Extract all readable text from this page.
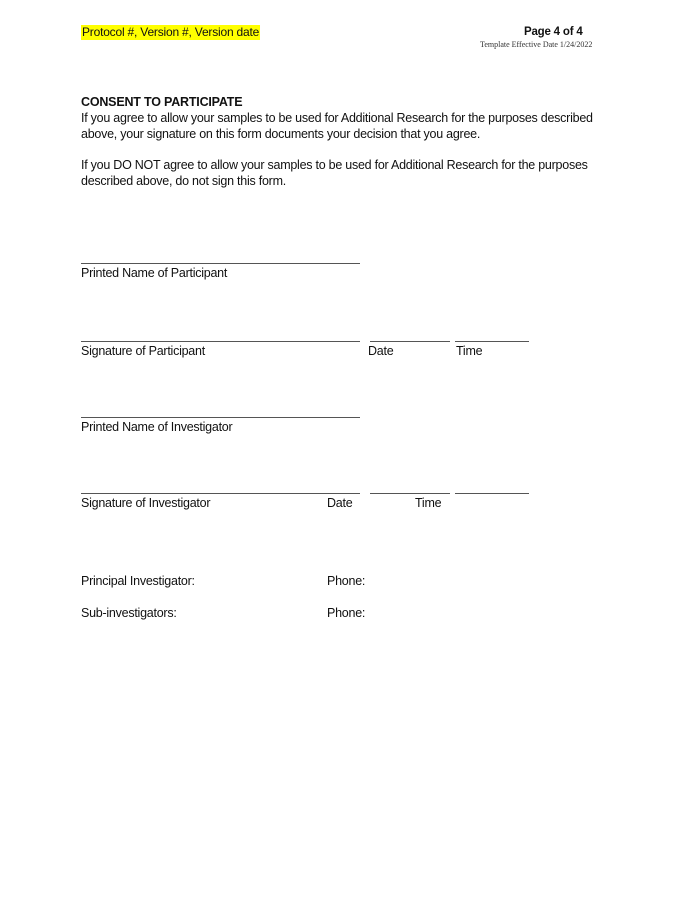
Protocol #, Version #, Version date	Page 4 of 4
Template Effective Date 1/24/2022
CONSENT TO PARTICIPATE
If you agree to allow your samples to be used for Additional Research for the purposes described above, your signature on this form documents your decision that you agree.
If you DO NOT agree to allow your samples to be used for Additional Research for the purposes described above, do not sign this form.
Printed Name of Participant
Signature of Participant	Date	Time
Printed Name of Investigator
Signature of Investigator	Date	Time
Principal Investigator:	Phone:
Sub-investigators:	Phone:
